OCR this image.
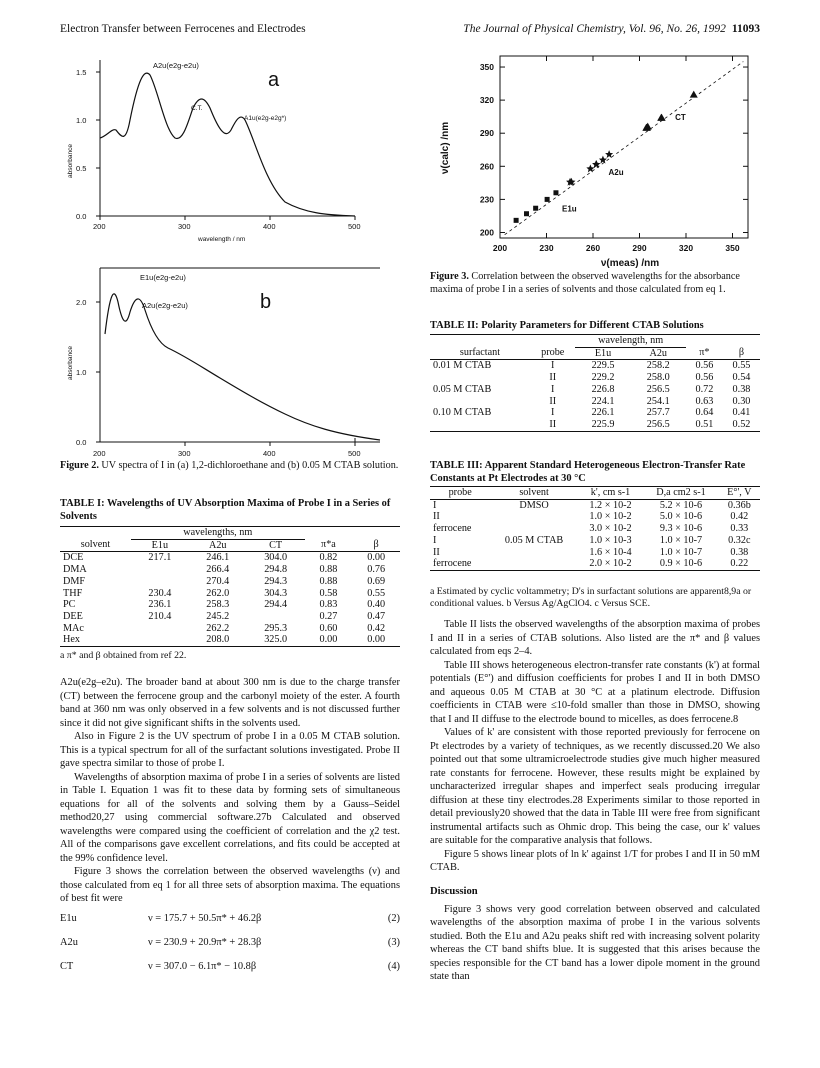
Electron Transfer between Ferrocenes and Electrodes	The Journal of Physical Chemistry, Vol. 96, No. 26, 1992 11093
absorbance
0.0
0.5
1.0
1.5
200	300	400	500
wavelength / nm
A2u(e2g-e2u)
C.T.
A1u(e2g-e2g*)
a
absorbance
0.0
1.0
2.0
200	300	400	500
E1u(e2g-e2u)
A2u(e2g-e2u)	b
Figure 2. UV spectra of I in (a) 1,2-dichloroethane and (b) 0.05 M CTAB solution.
TABLE I: Wavelengths of UV Absorption Maxima of Probe I in a Series of Solvents
	wavelengths, nm				
solvent	E1u	A2u	CT	π*a	β
DCE	217.1	246.1	304.0	0.82	0.00
DMA		266.4	294.8	0.88	0.76
DMF		270.4	294.3	0.88	0.69
THF	230.4	262.0	304.3	0.58	0.55
PC	236.1	258.3	294.4	0.83	0.40
DEE	210.4	245.2		0.27	0.47
MAc		262.2	295.3	0.60	0.42
Hex		208.0	325.0	0.00	0.00
a π* and β obtained from ref 22.

A2u(e2g–e2u). The broader band at about 300 nm is due to the charge transfer (CT) between the ferrocene group and the carbonyl moiety of the ester. A fourth band at 360 nm was only observed in a few solvents and is not discussed further since it did not give significant shifts in the solvents used.

Also in Figure 2 is the UV spectrum of probe I in a 0.05 M CTAB solution. This is a typical spectrum for all of the surfactant solutions investigated. Probe II gave spectra similar to those of probe I.

Wavelengths of absorption maxima of probe I in a series of solvents are listed in Table I. Equation 1 was fit to these data by forming sets of simultaneous equations for all of the solvents and solving them by a Gauss–Seidel method20,27 using commercial software.27b Calculated and observed wavelengths were compared using the coefficient of correlation and the χ2 test. All of the comparisons gave excellent correlations, and fits could be accepted at the 99% confidence level.

Figure 3 shows the correlation between the observed wavelengths (ν) and those calculated from eq 1 for all three sets of absorption maxima. The equations of best fit were

E1u	ν = 175.7 + 50.5π* + 46.2β	(2)
A2u	ν = 230.9 + 20.9π* + 28.3β	(3)
CT	ν = 307.0 − 6.1π* − 10.8β	(4)
ν(calc) /nm
ν(meas) /nm
200	230	260	290	320	350
200
230
260
290
320
350
CT
A2u
E1u
Figure 3. Correlation between the observed wavelengths for the absorbance maxima of probe I in a series of solvents and those calculated from eq 1.
TABLE II: Polarity Parameters for Different CTAB Solutions
		wavelength, nm			
surfactant	probe	E1u	A2u	π*	β
0.01 M CTAB	I	229.5	258.2	0.56	0.55
	II	229.2	258.0	0.56	0.54
0.05 M CTAB	I	226.8	256.5	0.72	0.38
	II	224.1	254.1	0.63	0.30
0.10 M CTAB	I	226.1	257.7	0.64	0.41
	II	225.9	256.5	0.51	0.52
TABLE III: Apparent Standard Heterogeneous Electron-Transfer Rate Constants at Pt Electrodes at 30 °C
probe	solvent	k', cm s-1	D,a cm2 s-1	E°', V
I	DMSO	1.2 × 10-2	5.2 × 10-6	0.36b
II		1.0 × 10-2	5.0 × 10-6	0.42
ferrocene		3.0 × 10-2	9.3 × 10-6	0.33
I	0.05 M CTAB	1.0 × 10-3	1.0 × 10-7	0.32c
II		1.6 × 10-4	1.0 × 10-7	0.38
ferrocene		2.0 × 10-2	0.9 × 10-6	0.22
a Estimated by cyclic voltammetry; D's in surfactant solutions are apparent8,9a or conditional values. b Versus Ag/AgClO4. c Versus SCE.

Table II lists the observed wavelengths of the absorption maxima of probes I and II in a series of CTAB solutions. Also listed are the π* and β values calculated from eqs 2–4.

Table III shows heterogeneous electron-transfer rate constants (k') at formal potentials (E°') and diffusion coefficients for probes I and II in both DMSO and aqueous 0.05 M CTAB at 30 °C at a platinum electrode. Diffusion coefficients in CTAB were ≤10-fold smaller than those in DMSO, showing that I and II diffuse to the electrode bound to micelles, as does ferrocene.8

Values of k' are consistent with those reported previously for ferrocene on Pt electrodes by a variety of techniques, as we recently discussed.20 We also pointed out that some ultramicroelectrode studies give much higher measured rate constants for ferrocene. However, these results might be explained by uncharacterized irregular shapes and imperfect seals producing irregular diffusion at these tiny electrodes.28 Experiments similar to those reported in detail previously20 showed that the data in Table III were free from significant instrumental artifacts such as Ohmic drop. This being the case, our k' values are suitable for the comparative analysis that follows.

Figure 5 shows linear plots of ln k' against 1/T for probes I and II in 50 mM CTAB.

Discussion

Figure 3 shows very good correlation between observed and calculated wavelengths of the absorption maxima of probe I in the various solvents studied. Both the E1u and A2u peaks shift red with increasing solvent polarity whereas the CT band shifts blue. It is suggested that this arises because the species responsible for the CT band has a lower dipole moment in the ground state than
